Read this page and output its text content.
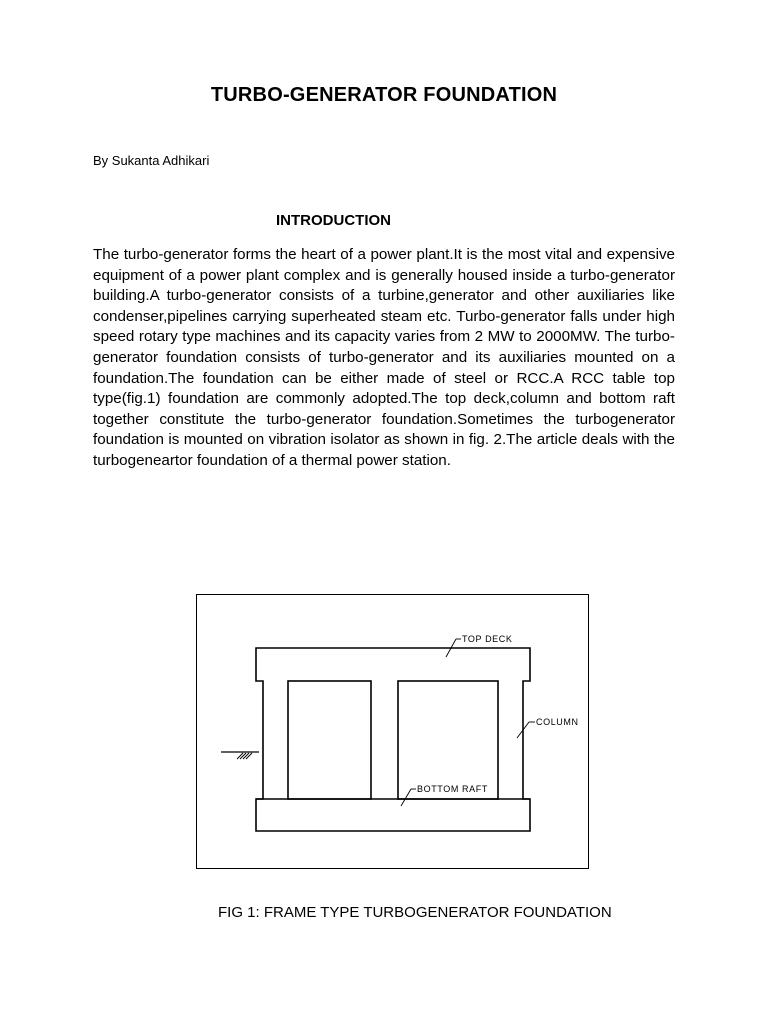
TURBO-GENERATOR FOUNDATION
By Sukanta Adhikari
INTRODUCTION

The turbo-generator forms the heart of a power plant.It is the most vital and expensive equipment of a power plant complex and is generally housed inside a turbo-generator building.A turbo-generator consists of a turbine,generator and other auxiliaries like condenser,pipelines carrying superheated steam etc. Turbo-generator falls under high speed rotary type machines and its capacity varies from 2 MW to 2000MW. The turbo-generator foundation consists of turbo-generator and its auxiliaries mounted on a foundation.The foundation can be either made of steel or RCC.A RCC table top type(fig.1) foundation are commonly adopted.The top deck,column and bottom raft together constitute the turbo-generator foundation.Sometimes the turbogenerator foundation is mounted on vibration isolator as shown in fig. 2.The article deals with the turbogeneartor foundation of a thermal power station.

TOP DECK
COLUMN
BOTTOM RAFT
FIG 1: FRAME TYPE TURBOGENERATOR FOUNDATION
